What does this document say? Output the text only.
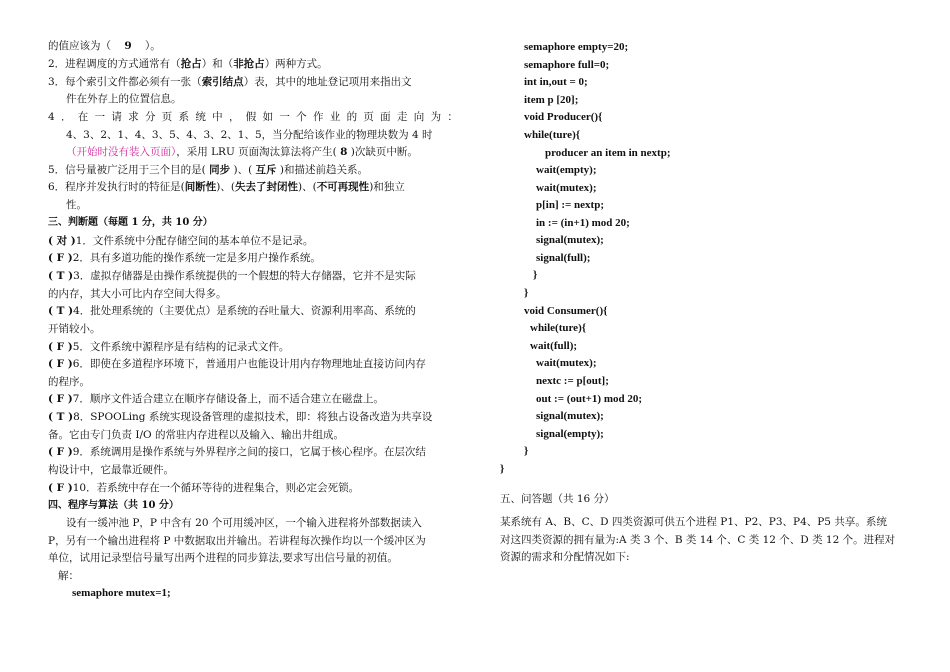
的值应该为（ 9 ）。
2．进程调度的方式通常有（抢占）和（非抢占）两种方式。
3．每个索引文件都必须有一张（索引结点）表，其中的地址登记项用来指出文
件在外存上的位置信息。
4．在一请求分页系统中，假如一个作业的页面走向为：
4、3、2、1、4、3、5、4、3、2、1、5，当分配给该作业的物理块数为 4 时
（开始时没有装入页面），采用 LRU 页面淘汰算法将产生( 8 )次缺页中断。
5．信号量被广泛用于三个目的是( 同步 )、( 互斥 )和描述前趋关系。
6．程序并发执行时的特征是(间断性)、(失去了封闭性)、(不可再现性)和独立
性。
三、判断题（每题 1 分，共 10 分）
( 对 )1．文件系统中分配存储空间的基本单位不是记录。
( F )2．具有多道功能的操作系统一定是多用户操作系统。
( T )3．虚拟存储器是由操作系统提供的一个假想的特大存储器，它并不是实际
的内存，其大小可比内存空间大得多。
( T )4．批处理系统的（主要优点）是系统的吞吐量大、资源利用率高、系统的
开销较小。
( F )5．文件系统中源程序是有结构的记录式文件。
( F )6．即使在多道程序环境下，普通用户也能设计用内存物理地址直接访问内存
的程序。
( F )7．顺序文件适合建立在顺序存储设备上，而不适合建立在磁盘上。
( T )8．SPOOLing 系统实现设备管理的虚拟技术，即：将独占设备改造为共享设
备。它由专门负责 I/O 的常驻内存进程以及输入、输出井组成。
( F )9．系统调用是操作系统与外界程序之间的接口，它属于核心程序。在层次结
构设计中，它最靠近硬件。
( F )10．若系统中存在一个循环等待的进程集合，则必定会死锁。
四、程序与算法（共 10 分）
设有一缓冲池 P，P 中含有 20 个可用缓冲区，一个输入进程将外部数据读入
P，另有一个输出进程将 P 中数据取出并输出。若讲程每次操作均以一个缓冲区为
单位，试用记录型信号量写出两个进程的同步算法,要求写出信号量的初值。
解：
semaphore mutex=1;
semaphore empty=20;
semaphore full=0;
int in,out = 0;
item p [20];
void Producer(){
while(ture){
producer an item in nextp;
wait(empty);
wait(mutex);
p[in] := nextp;
in := (in+1) mod 20;
signal(mutex);
signal(full);
}
}
void Consumer(){
while(ture){
wait(full);
wait(mutex);
nextc := p[out];
out := (out+1) mod 20;
signal(mutex);
signal(empty);
}
}
五、问答题（共 16 分）
某系统有 A、B、C、D 四类资源可供五个进程 P1、P2、P3、P4、P5 共享。系统
对这四类资源的拥有量为:A 类 3 个、B 类 14 个、C 类 12 个、D 类 12 个。进程对
资源的需求和分配情况如下:
